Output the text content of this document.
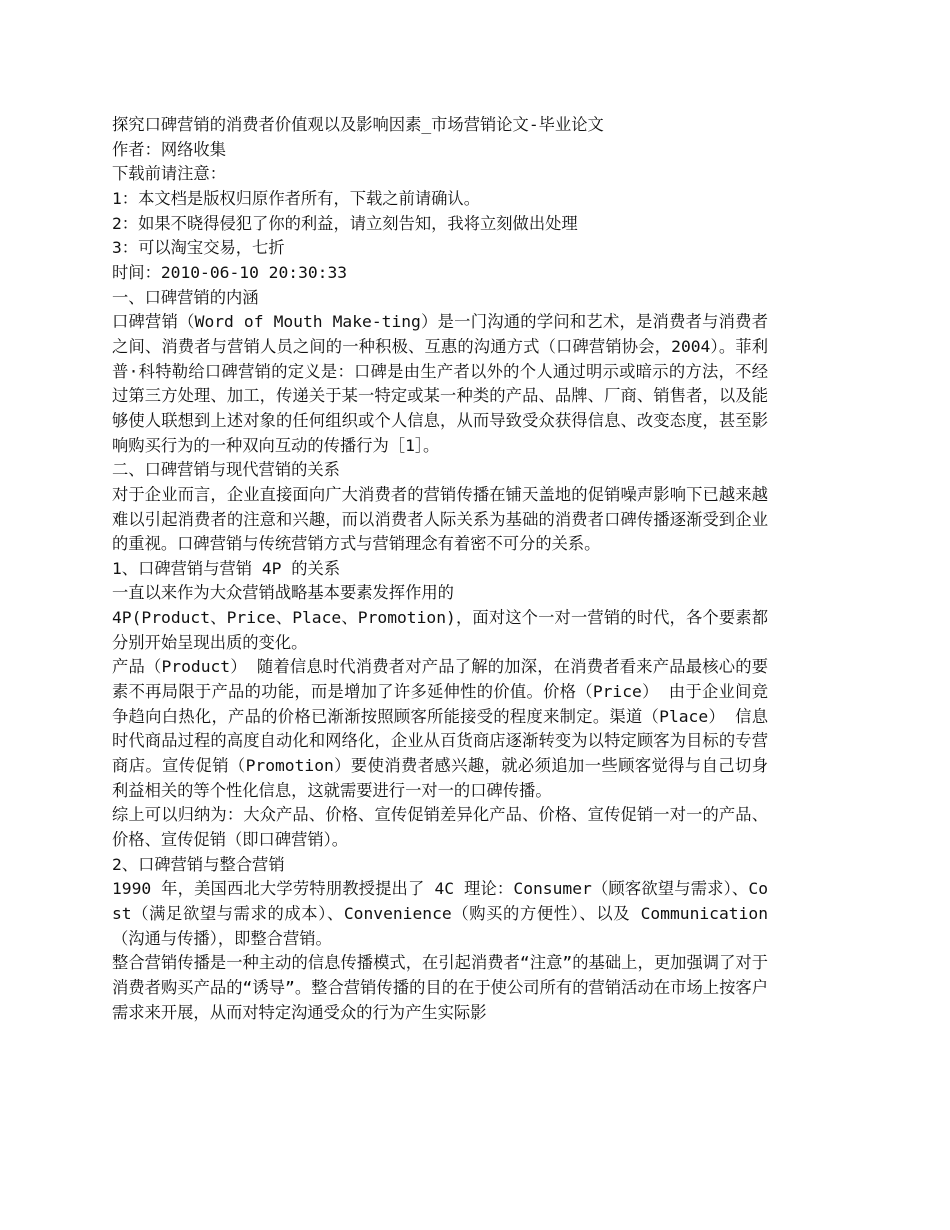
探究口碑营销的消费者价值观以及影响因素_市场营销论文-毕业论文

作者：网络收集

下载前请注意：

1：本文档是版权归原作者所有，下载之前请确认。

2：如果不晓得侵犯了你的利益，请立刻告知，我将立刻做出处理

3：可以淘宝交易，七折

时间：2010-06-10 20:30:33

一、口碑营销的内涵

口碑营销（Word of Mouth Make-ting）是一门沟通的学问和艺术，是消费者与消费者之间、消费者与营销人员之间的一种积极、互惠的沟通方式（口碑营销协会，2004）。菲利普·科特勒给口碑营销的定义是：口碑是由生产者以外的个人通过明示或暗示的方法，不经过第三方处理、加工，传递关于某一特定或某一种类的产品、品牌、厂商、销售者，以及能够使人联想到上述对象的任何组织或个人信息，从而导致受众获得信息、改变态度，甚至影响购买行为的一种双向互动的传播行为［1］。

二、口碑营销与现代营销的关系

对于企业而言，企业直接面向广大消费者的营销传播在铺天盖地的促销噪声影响下已越来越难以引起消费者的注意和兴趣，而以消费者人际关系为基础的消费者口碑传播逐渐受到企业的重视。口碑营销与传统营销方式与营销理念有着密不可分的关系。

1、口碑营销与营销 4P 的关系

一直以来作为大众营销战略基本要素发挥作用的

4P(Product、Price、Place、Promotion)，面对这个一对一营销的时代，各个要素都分别开始呈现出质的变化。

产品（Product） 随着信息时代消费者对产品了解的加深，在消费者看来产品最核心的要素不再局限于产品的功能，而是增加了许多延伸性的价值。价格（Price） 由于企业间竞争趋向白热化，产品的价格已渐渐按照顾客所能接受的程度来制定。渠道（Place） 信息时代商品过程的高度自动化和网络化，企业从百货商店逐渐转变为以特定顾客为目标的专营商店。宣传促销（Promotion）要使消费者感兴趣，就必须追加一些顾客觉得与自己切身利益相关的等个性化信息，这就需要进行一对一的口碑传播。

综上可以归纳为：大众产品、价格、宣传促销差异化产品、价格、宣传促销一对一的产品、价格、宣传促销（即口碑营销）。

2、口碑营销与整合营销

1990 年，美国西北大学劳特朋教授提出了 4C 理论：Consumer（顾客欲望与需求）、Cost（满足欲望与需求的成本）、Convenience（购买的方便性）、以及 Communication（沟通与传播），即整合营销。

整合营销传播是一种主动的信息传播模式，在引起消费者“注意”的基础上，更加强调了对于消费者购买产品的“诱导”。整合营销传播的目的在于使公司所有的营销活动在市场上按客户需求来开展，从而对特定沟通受众的行为产生实际影
